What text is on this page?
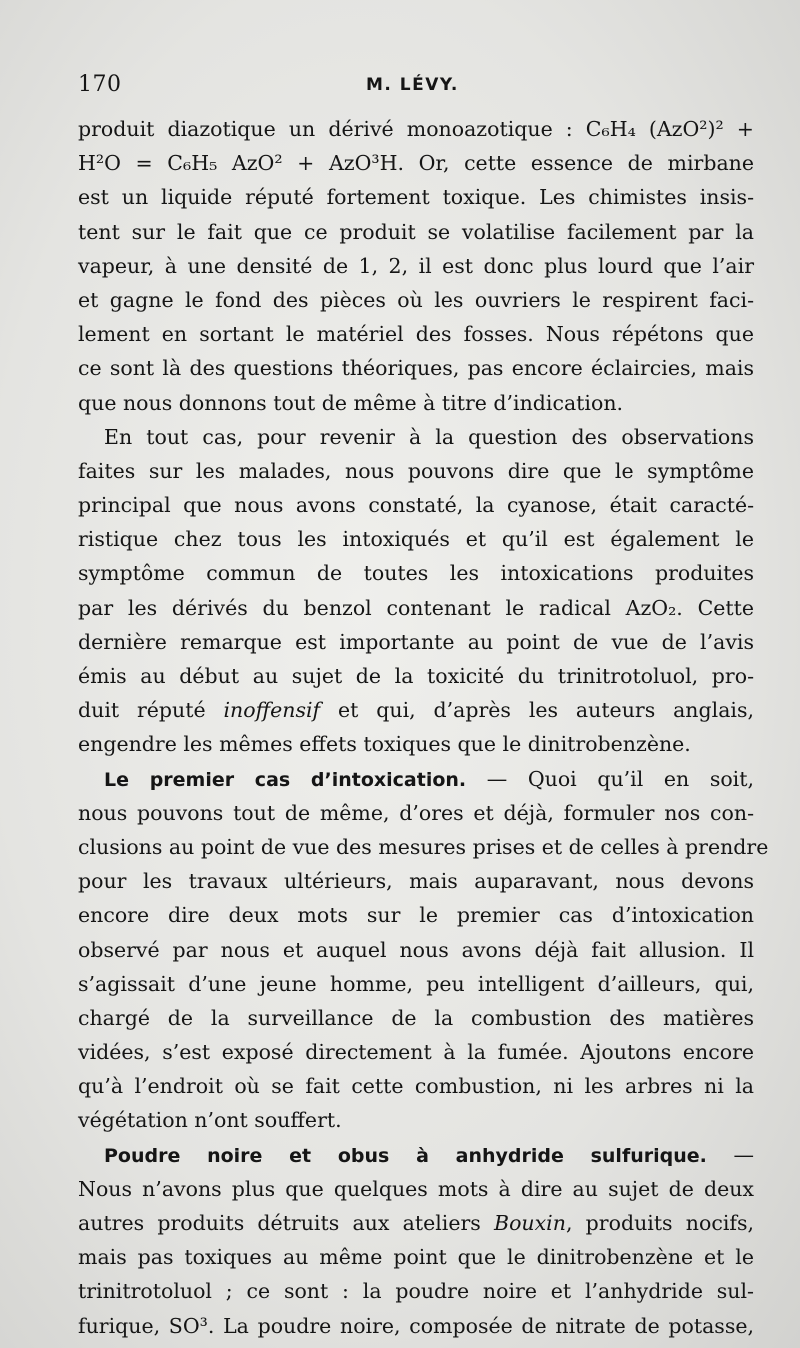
170	M. LÉVY.
produit diazotique un dérivé monoazotique : C₆H₄ (AzO²)² +
H²O = C₆H₅ AzO² + AzO³H. Or, cette essence de mirbane
est un liquide réputé fortement toxique. Les chimistes insis-
tent sur le fait que ce produit se volatilise facilement par la
vapeur, à une densité de 1, 2, il est donc plus lourd que l’air
et gagne le fond des pièces où les ouvriers le respirent faci-
lement en sortant le matériel des fosses. Nous répétons que
ce sont là des questions théoriques, pas encore éclaircies, mais
que nous donnons tout de même à titre d’indication.
En tout cas, pour revenir à la question des observations
faites sur les malades, nous pouvons dire que le symptôme
principal que nous avons constaté, la cyanose, était caracté-
ristique chez tous les intoxiqués et qu’il est également le
symptôme commun de toutes les intoxications produites
par les dérivés du benzol contenant le radical AzO₂. Cette
dernière remarque est importante au point de vue de l’avis
émis au début au sujet de la toxicité du trinitrotoluol, pro-
duit réputé inoffensif et qui, d’après les auteurs anglais,
engendre les mêmes effets toxiques que le dinitrobenzène.
Le premier cas d’intoxication. — Quoi qu’il en soit,
nous pouvons tout de même, d’ores et déjà, formuler nos con-
clusions au point de vue des mesures prises et de celles à prendre
pour les travaux ultérieurs, mais auparavant, nous devons
encore dire deux mots sur le premier cas d’intoxication
observé par nous et auquel nous avons déjà fait allusion. Il
s’agissait d’une jeune homme, peu intelligent d’ailleurs, qui,
chargé de la surveillance de la combustion des matières
vidées, s’est exposé directement à la fumée. Ajoutons encore
qu’à l’endroit où se fait cette combustion, ni les arbres ni la
végétation n’ont souffert.
Poudre noire et obus à anhydride sulfurique. —
Nous n’avons plus que quelques mots à dire au sujet de deux
autres produits détruits aux ateliers Bouxin, produits nocifs,
mais pas toxiques au même point que le dinitrobenzène et le
trinitrotoluol ; ce sont : la poudre noire et l’anhydride sul-
furique, SO³. La poudre noire, composée de nitrate de potasse,
